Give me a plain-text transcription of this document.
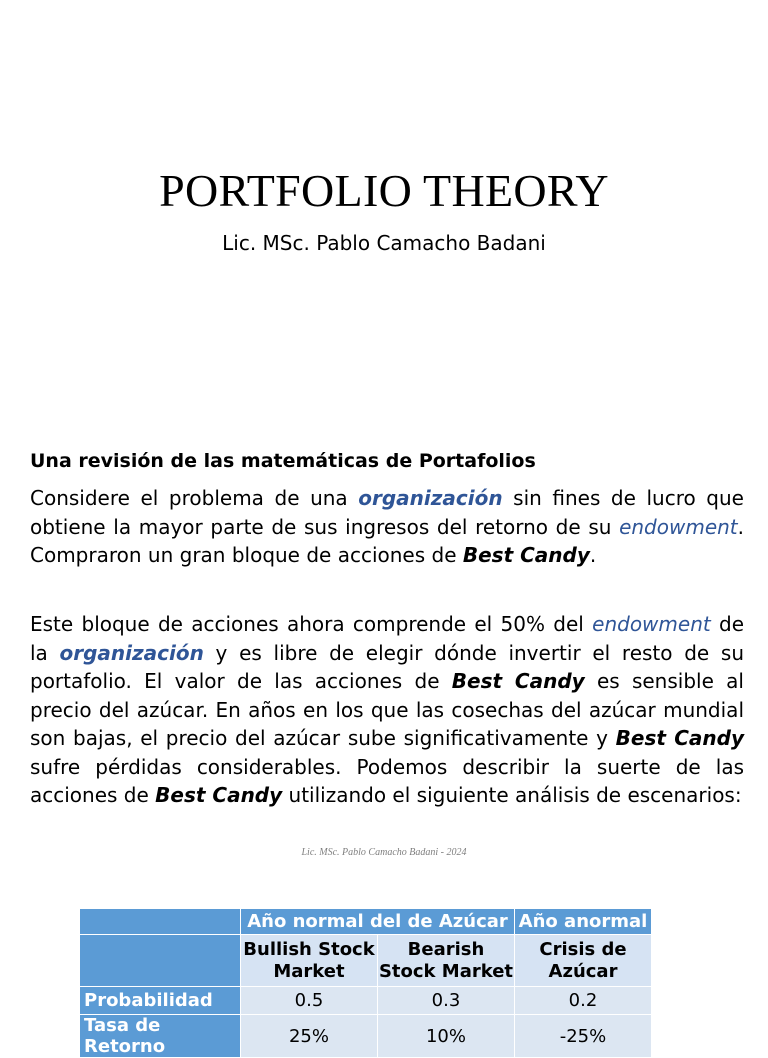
PORTFOLIO THEORY
Lic. MSc. Pablo Camacho Badani
Una revisión de las matemáticas de Portafolios

Considere el problema de una organización sin fines de lucro que obtiene la mayor parte de sus ingresos del retorno de su endowment. Compraron un gran bloque de acciones de Best Candy.

Este bloque de acciones ahora comprende el 50% del endowment de la organización y es libre de elegir dónde invertir el resto de su portafolio. El valor de las acciones de Best Candy es sensible al precio del azúcar. En años en los que las cosechas del azúcar mundial son bajas, el precio del azúcar sube significativamente y Best Candy sufre pérdidas considerables. Podemos describir la suerte de las acciones de Best Candy utilizando el siguiente análisis de escenarios:

Lic. MSc. Pablo Camacho Badani - 2024
	Año normal del de Azúcar		Año anormal
	Bullish Stock Market	Bearish Stock Market	Crisis de Azúcar
Probabilidad	0.5	0.3	0.2
Tasa de Retorno	25%	10%	-25%
